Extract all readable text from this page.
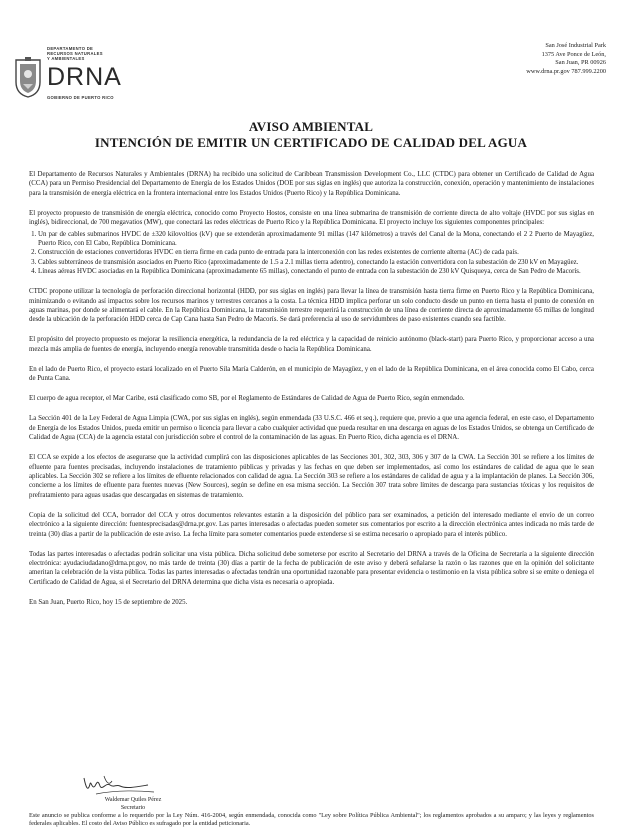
DEPARTAMENTO DE
RECURSOS NATURALES
Y AMBIENTALES
DRNA
GOBIERNO DE PUERTO RICO
San José Industrial Park
1375 Ave Ponce de León,
San Juan, PR 00926
www.drna.pr.gov 787.999.2200
AVISO AMBIENTAL
INTENCIÓN DE EMITIR UN CERTIFICADO DE CALIDAD DEL AGUA

El Departamento de Recursos Naturales y Ambientales (DRNA) ha recibido una solicitud de Caribbean Transmission Development Co., LLC (CTDC) para obtener un Certificado de Calidad de Agua (CCA) para un Permiso Presidencial del Departamento de Energía de los Estados Unidos (DOE por sus siglas en inglés) que autoriza la construcción, conexión, operación y mantenimiento de instalaciones para la transmisión de energía eléctrica en la frontera internacional entre los Estados Unidos (Puerto Rico) y la República Dominicana.

El proyecto propuesto de transmisión de energía eléctrica, conocido como Proyecto Hostos, consiste en una línea submarina de transmisión de corriente directa de alto voltaje (HVDC por sus siglas en inglés), bidireccional, de 700 megavatios (MW), que conectará las redes eléctricas de Puerto Rico y la República Dominicana. El proyecto incluye los siguientes componentes principales:

1. Un par de cables submarinos HVDC de ±320 kilovoltios (kV) que se extenderán aproximadamente 91 millas (147 kilómetros) a través del Canal de la Mona, conectando el 2 2 Puerto de Mayagüez, Puerto Rico, con El Cabo, República Dominicana.
2. Construcción de estaciones convertidoras HVDC en tierra firme en cada punto de entrada para la interconexión con las redes existentes de corriente alterna (AC) de cada país.
3. Cables subterráneos de transmisión asociados en Puerto Rico (aproximadamente de 1.5 a 2.1 millas tierra adentro), conectando la estación convertidora con la subestación de 230 kV en Mayagüez.
4. Líneas aéreas HVDC asociadas en la República Dominicana (aproximadamente 65 millas), conectando el punto de entrada con la subestación de 230 kV Quisqueya, cerca de San Pedro de Macorís.

CTDC propone utilizar la tecnología de perforación direccional horizontal (HDD, por sus siglas en inglés) para llevar la línea de transmisión hasta tierra firme en Puerto Rico y la República Dominicana, minimizando o evitando así impactos sobre los recursos marinos y terrestres cercanos a la costa. La técnica HDD implica perforar un solo conducto desde un punto en tierra hasta el punto de conexión en aguas marinas, por donde se alimentará el cable. En la República Dominicana, la transmisión terrestre requerirá la construcción de una línea de corriente directa de aproximadamente 65 millas de longitud desde la ubicación de la perforación HDD cerca de Cap Cana hasta San Pedro de Macorís. Se dará preferencia al uso de servidumbres de paso existentes cuando sea factible.

El propósito del proyecto propuesto es mejorar la resiliencia energética, la redundancia de la red eléctrica y la capacidad de reinicio autónomo (black-start) para Puerto Rico, y proporcionar acceso a una mezcla más amplia de fuentes de energía, incluyendo energía renovable transmitida desde o hacia la República Dominicana.

En el lado de Puerto Rico, el proyecto estará localizado en el Puerto Sila María Calderón, en el municipio de Mayagüez, y en el lado de la República Dominicana, en el área conocida como El Cabo, cerca de Punta Cana.

El cuerpo de agua receptor, el Mar Caribe, está clasificado como SB, por el Reglamento de Estándares de Calidad de Agua de Puerto Rico, según enmendado.

La Sección 401 de la Ley Federal de Agua Limpia (CWA, por sus siglas en inglés), según enmendada (33 U.S.C. 466 et seq.), requiere que, previo a que una agencia federal, en este caso, el Departamento de Energía de los Estados Unidos, pueda emitir un permiso o licencia para llevar a cabo cualquier actividad que pueda resultar en una descarga en aguas de los Estados Unidos, se obtenga un Certificado de Calidad de Agua (CCA) de la agencia estatal con jurisdicción sobre el control de la contaminación de las aguas. En Puerto Rico, dicha agencia es el DRNA.

El CCA se expide a los efectos de asegurarse que la actividad cumplirá con las disposiciones aplicables de las Secciones 301, 302, 303, 306 y 307 de la CWA. La Sección 301 se refiere a los límites de efluente para fuentes precisadas, incluyendo instalaciones de tratamiento públicas y privadas y las fechas en que deben ser implementados, así como los estándares de calidad de agua que le sean aplicables. La Sección 302 se refiere a los límites de efluente relacionados con calidad de agua. La Sección 303 se refiere a los estándares de calidad de agua y a la implantación de planes. La Sección 306, concierne a los límites de efluente para fuentes nuevas (New Sources), según se define en esa misma sección. La Sección 307 trata sobre límites de descarga para sustancias tóxicas y los requisitos de prefratamiento para aguas usadas que descargadas en sistemas de tratamiento.

Copia de la solicitud del CCA, borrador del CCA y otros documentos relevantes estarán a la disposición del público para ser examinados, a petición del interesado mediante el envío de un correo electrónico a la siguiente dirección: fuentesprecisadas@drna.pr.gov. Las partes interesadas o afectadas pueden someter sus comentarios por escrito a la dirección electrónica antes indicada no más tarde de treinta (30) días a partir de la publicación de este aviso. La fecha límite para someter comentarios puede extenderse si se estima necesario o apropiado para el interés público.

Todas las partes interesadas o afectadas podrán solicitar una vista pública. Dicha solicitud debe someterse por escrito al Secretario del DRNA a través de la Oficina de Secretaría a la siguiente dirección electrónica: ayudaciudadano@drna.pr.gov, no más tarde de treinta (30) días a partir de la fecha de publicación de este aviso y deberá señalarse la razón o las razones que en la opinión del solicitante ameritan la celebración de la vista pública. Todas las partes interesadas o afectadas tendrán una oportunidad razonable para presentar evidencia o testimonio en la vista pública sobre si se emite o deniega el Certificado de Calidad de Agua, si el Secretario del DRNA determina que dicha vista es necesaria o apropiada.

En San Juan, Puerto Rico, hoy 15 de septiembre de 2025.

Waldemar Quiles Pérez
Secretario
Este anuncio se publica conforme a lo requerido por la Ley Núm. 416-2004, según enmendada, conocida como "Ley sobre Política Pública Ambiental"; los reglamentos aprobados a su amparo; y las leyes y reglamentos federales aplicables. El costo del Aviso Público es sufragado por la entidad peticionaria.
